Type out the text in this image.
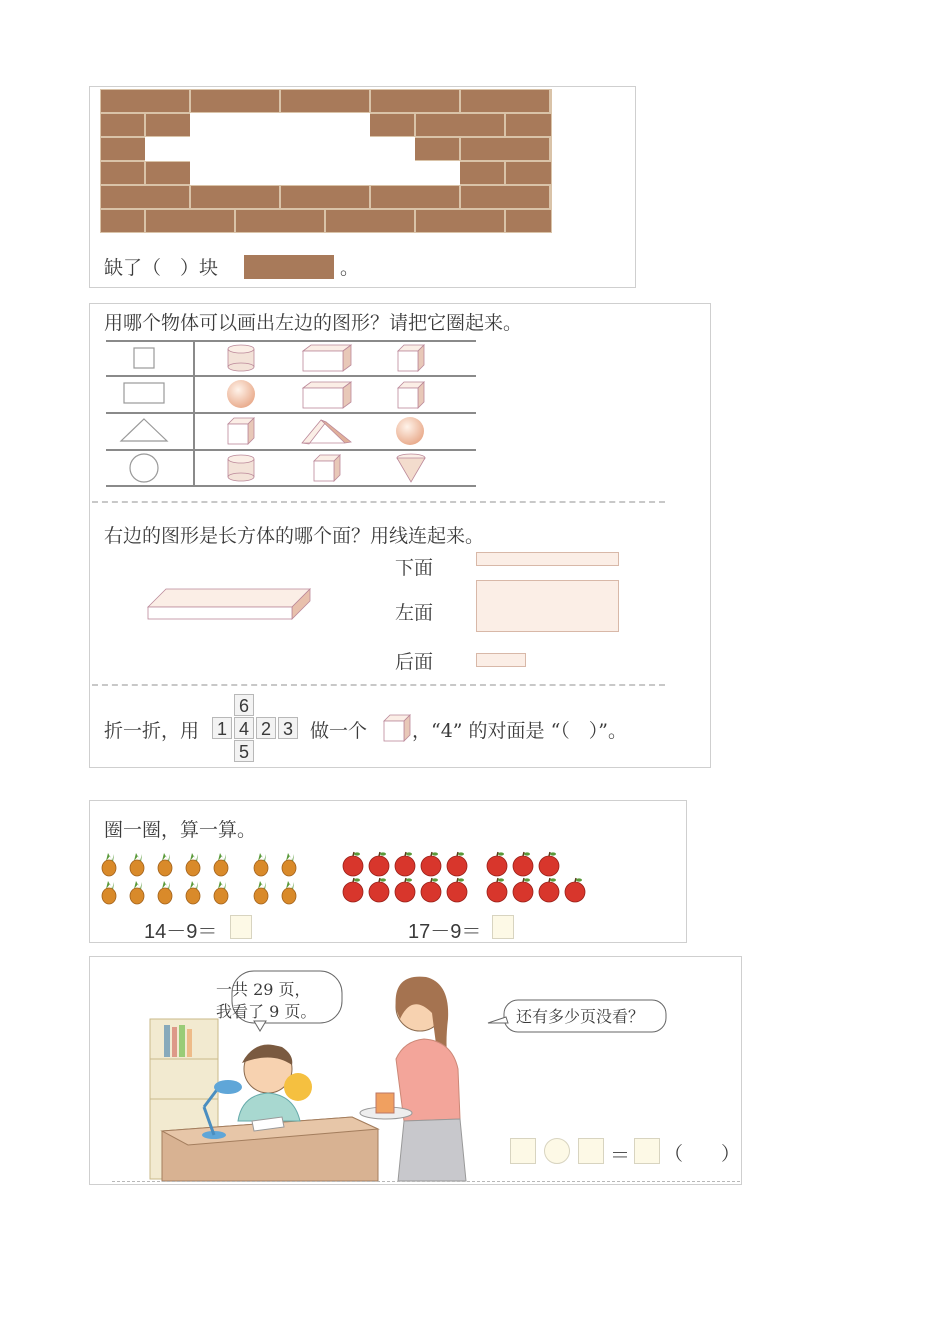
缺了（　）块	。
用哪个物体可以画出左边的图形？请把它圈起来。
右边的图形是长方体的哪个面？用线连起来。
下面
左面
后面
折一折，用
6
1 4 2 3
5
做一个 ，“4” 的对面是 “（　）”。
圈一圈，算一算。
14－9＝	17－9＝
一共 29 页，
我看了 9 页。	还有多少页没看？
＝ （　　）
